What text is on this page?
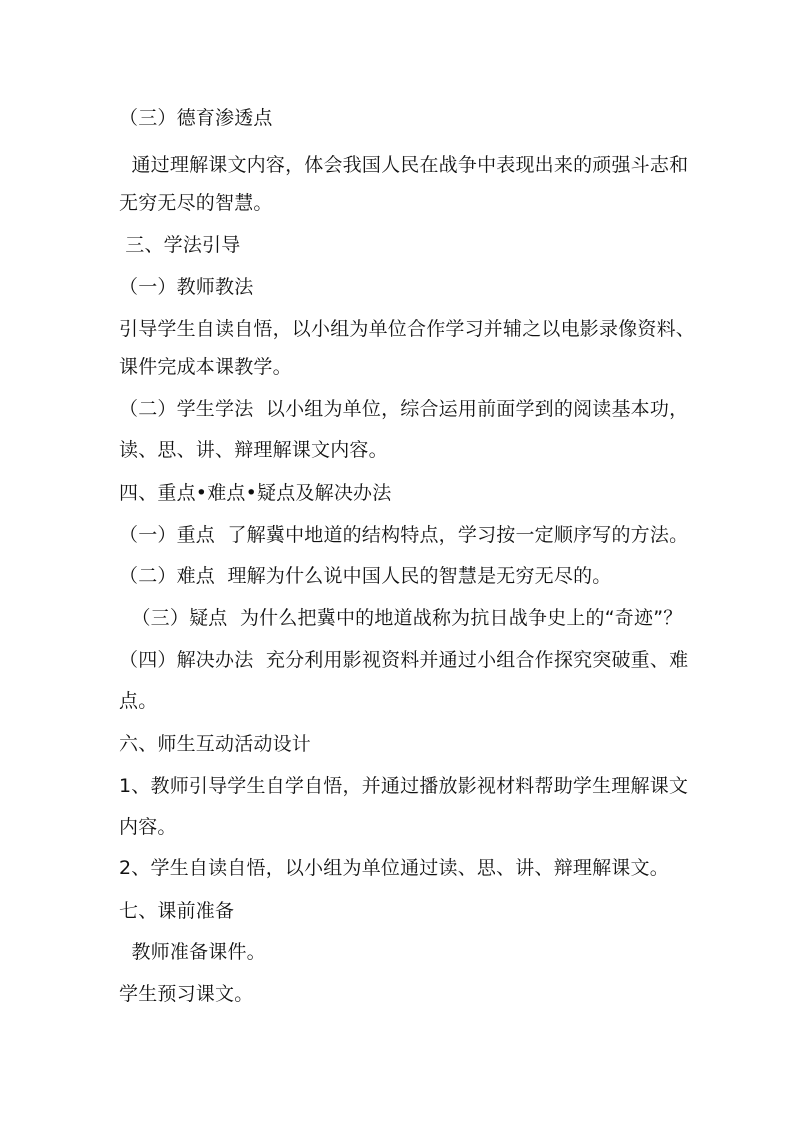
（三）德育渗透点
通过理解课文内容，体会我国人民在战争中表现出来的顽强斗志和
无穷无尽的智慧。
三、学法引导
（一）教师教法
引导学生自读自悟，以小组为单位合作学习并辅之以电影录像资料、
课件完成本课教学。
（二）学生学法  以小组为单位，综合运用前面学到的阅读基本功，
读、思、讲、辩理解课文内容。
四、重点•难点•疑点及解决办法
（一）重点  了解冀中地道的结构特点，学习按一定顺序写的方法。
（二）难点  理解为什么说中国人民的智慧是无穷无尽的。
（三）疑点  为什么把冀中的地道战称为抗日战争史上的“奇迹”？
（四）解决办法  充分利用影视资料并通过小组合作探究突破重、难
点。
六、师生互动活动设计
1、教师引导学生自学自悟，并通过播放影视材料帮助学生理解课文
内容。
2、学生自读自悟，以小组为单位通过读、思、讲、辩理解课文。
七、课前准备
教师准备课件。
学生预习课文。
